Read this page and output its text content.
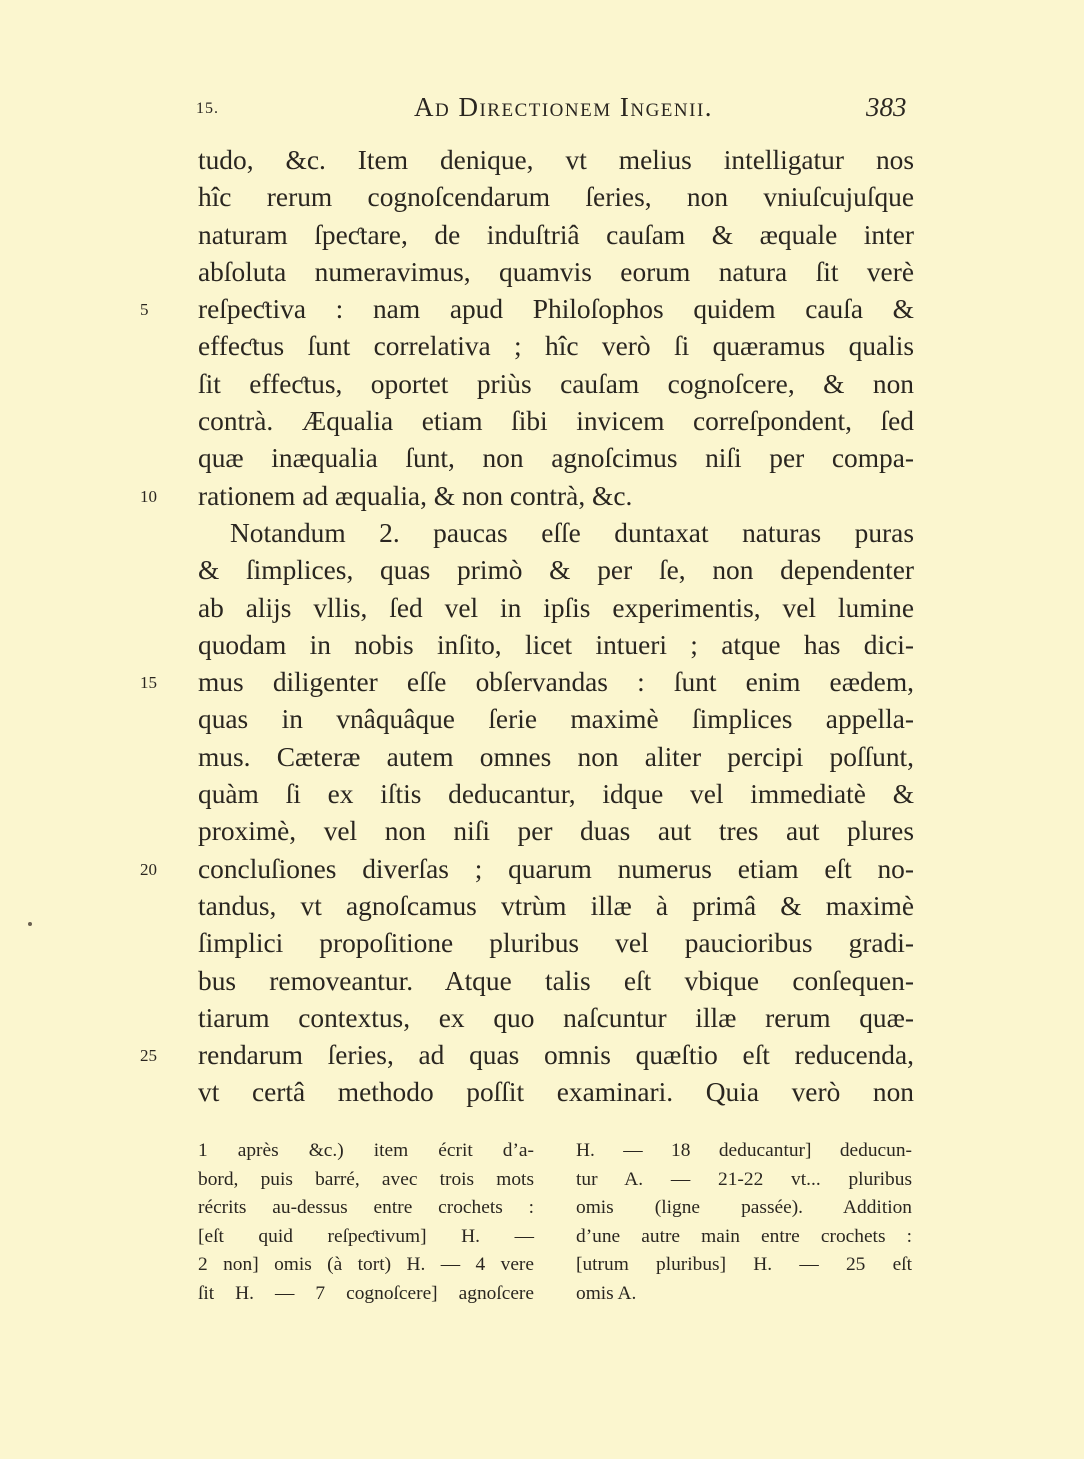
15.	Ad Directionem Ingenii.	383
tudo, &c. Item denique, vt melius intelligatur nos
hîc rerum cognoſcendarum ſeries, non vniuſcujuſque
naturam ſpeƈtare, de induſtriâ cauſam & æquale inter
abſoluta numeravimus, quamvis eorum natura ſit verè
5	reſpeƈtiva : nam apud Philoſophos quidem cauſa &
effeƈtus ſunt correlativa ; hîc verò ſi quæramus qualis
ſit effeƈtus, oportet priùs cauſam cognoſcere, & non
contrà. Æqualia etiam ſibi invicem correſpondent, ſed
quæ inæqualia ſunt, non agnoſcimus niſi per compa-
10	rationem ad æqualia, & non contrà, &c.
Notandum 2. paucas eſſe duntaxat naturas puras
& ſimplices, quas primò & per ſe, non dependenter
ab alijs vllis, ſed vel in ipſis experimentis, vel lumine
quodam in nobis inſito, licet intueri ; atque has dici-
15	mus diligenter eſſe obſervandas : ſunt enim eædem,
quas in vnâquâque ſerie maximè ſimplices appella-
mus. Cæteræ autem omnes non aliter percipi poſſunt,
quàm ſi ex iſtis deducantur, idque vel immediatè &
proximè, vel non niſi per duas aut tres aut plures
20	concluſiones diverſas ; quarum numerus etiam eſt no-
tandus, vt agnoſcamus vtrùm illæ à primâ & maximè
ſimplici propoſitione pluribus vel paucioribus gradi-
bus removeantur. Atque talis eſt vbique conſequen-
tiarum contextus, ex quo naſcuntur illæ rerum quæ-
25	rendarum ſeries, ad quas omnis quæſtio eſt reducenda,
vt certâ methodo poſſit examinari. Quia verò non
1 après &c.) item écrit d’a-
bord, puis barré, avec trois mots
récrits au-dessus entre crochets :
[eſt quid reſpeƈtivum] H. —
2 non] omis (à tort) H. — 4 vere
ſit H. — 7 cognoſcere] agnoſcere
H. — 18 deducantur] deducun-
tur A. — 21-22 vt... pluribus
omis (ligne passée). Addition
d’une autre main entre crochets :
[utrum pluribus] H. — 25 eſt
omis A.
